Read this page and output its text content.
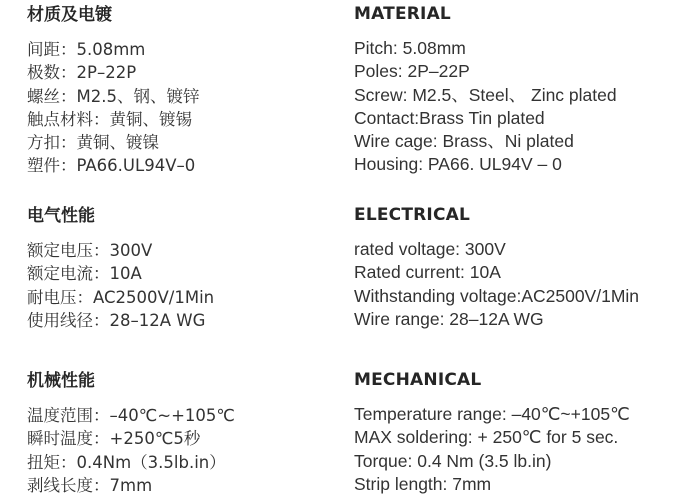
材质及电镀
间距：5.08mm
极数：2P–22P
螺丝：M2.5、钢、镀锌
触点材料：黄铜、镀锡
方扣：黄铜、镀镍
塑件：PA66.UL94V–0
电气性能
额定电压：300V
额定电流：10A
耐电压：AC2500V/1Min
使用线径：28–12A WG
机械性能
温度范围：–40℃~+105℃
瞬时温度：+250℃5秒
扭矩：0.4Nm（3.5lb.in）
剥线长度：7mm
MATERIAL
Pitch: 5.08mm
Poles: 2P–22P
Screw: M2.5、Steel、 Zinc plated
Contact:Brass Tin plated
Wire cage: Brass、Ni plated
Housing: PA66. UL94V – 0
ELECTRICAL
rated voltage: 300V
Rated current: 10A
Withstanding voltage:AC2500V/1Min
Wire range: 28–12A WG
MECHANICAL
Temperature range: –40℃~+105℃
MAX soldering: + 250℃ for 5 sec.
Torque: 0.4 Nm (3.5 lb.in)
Strip length: 7mm
